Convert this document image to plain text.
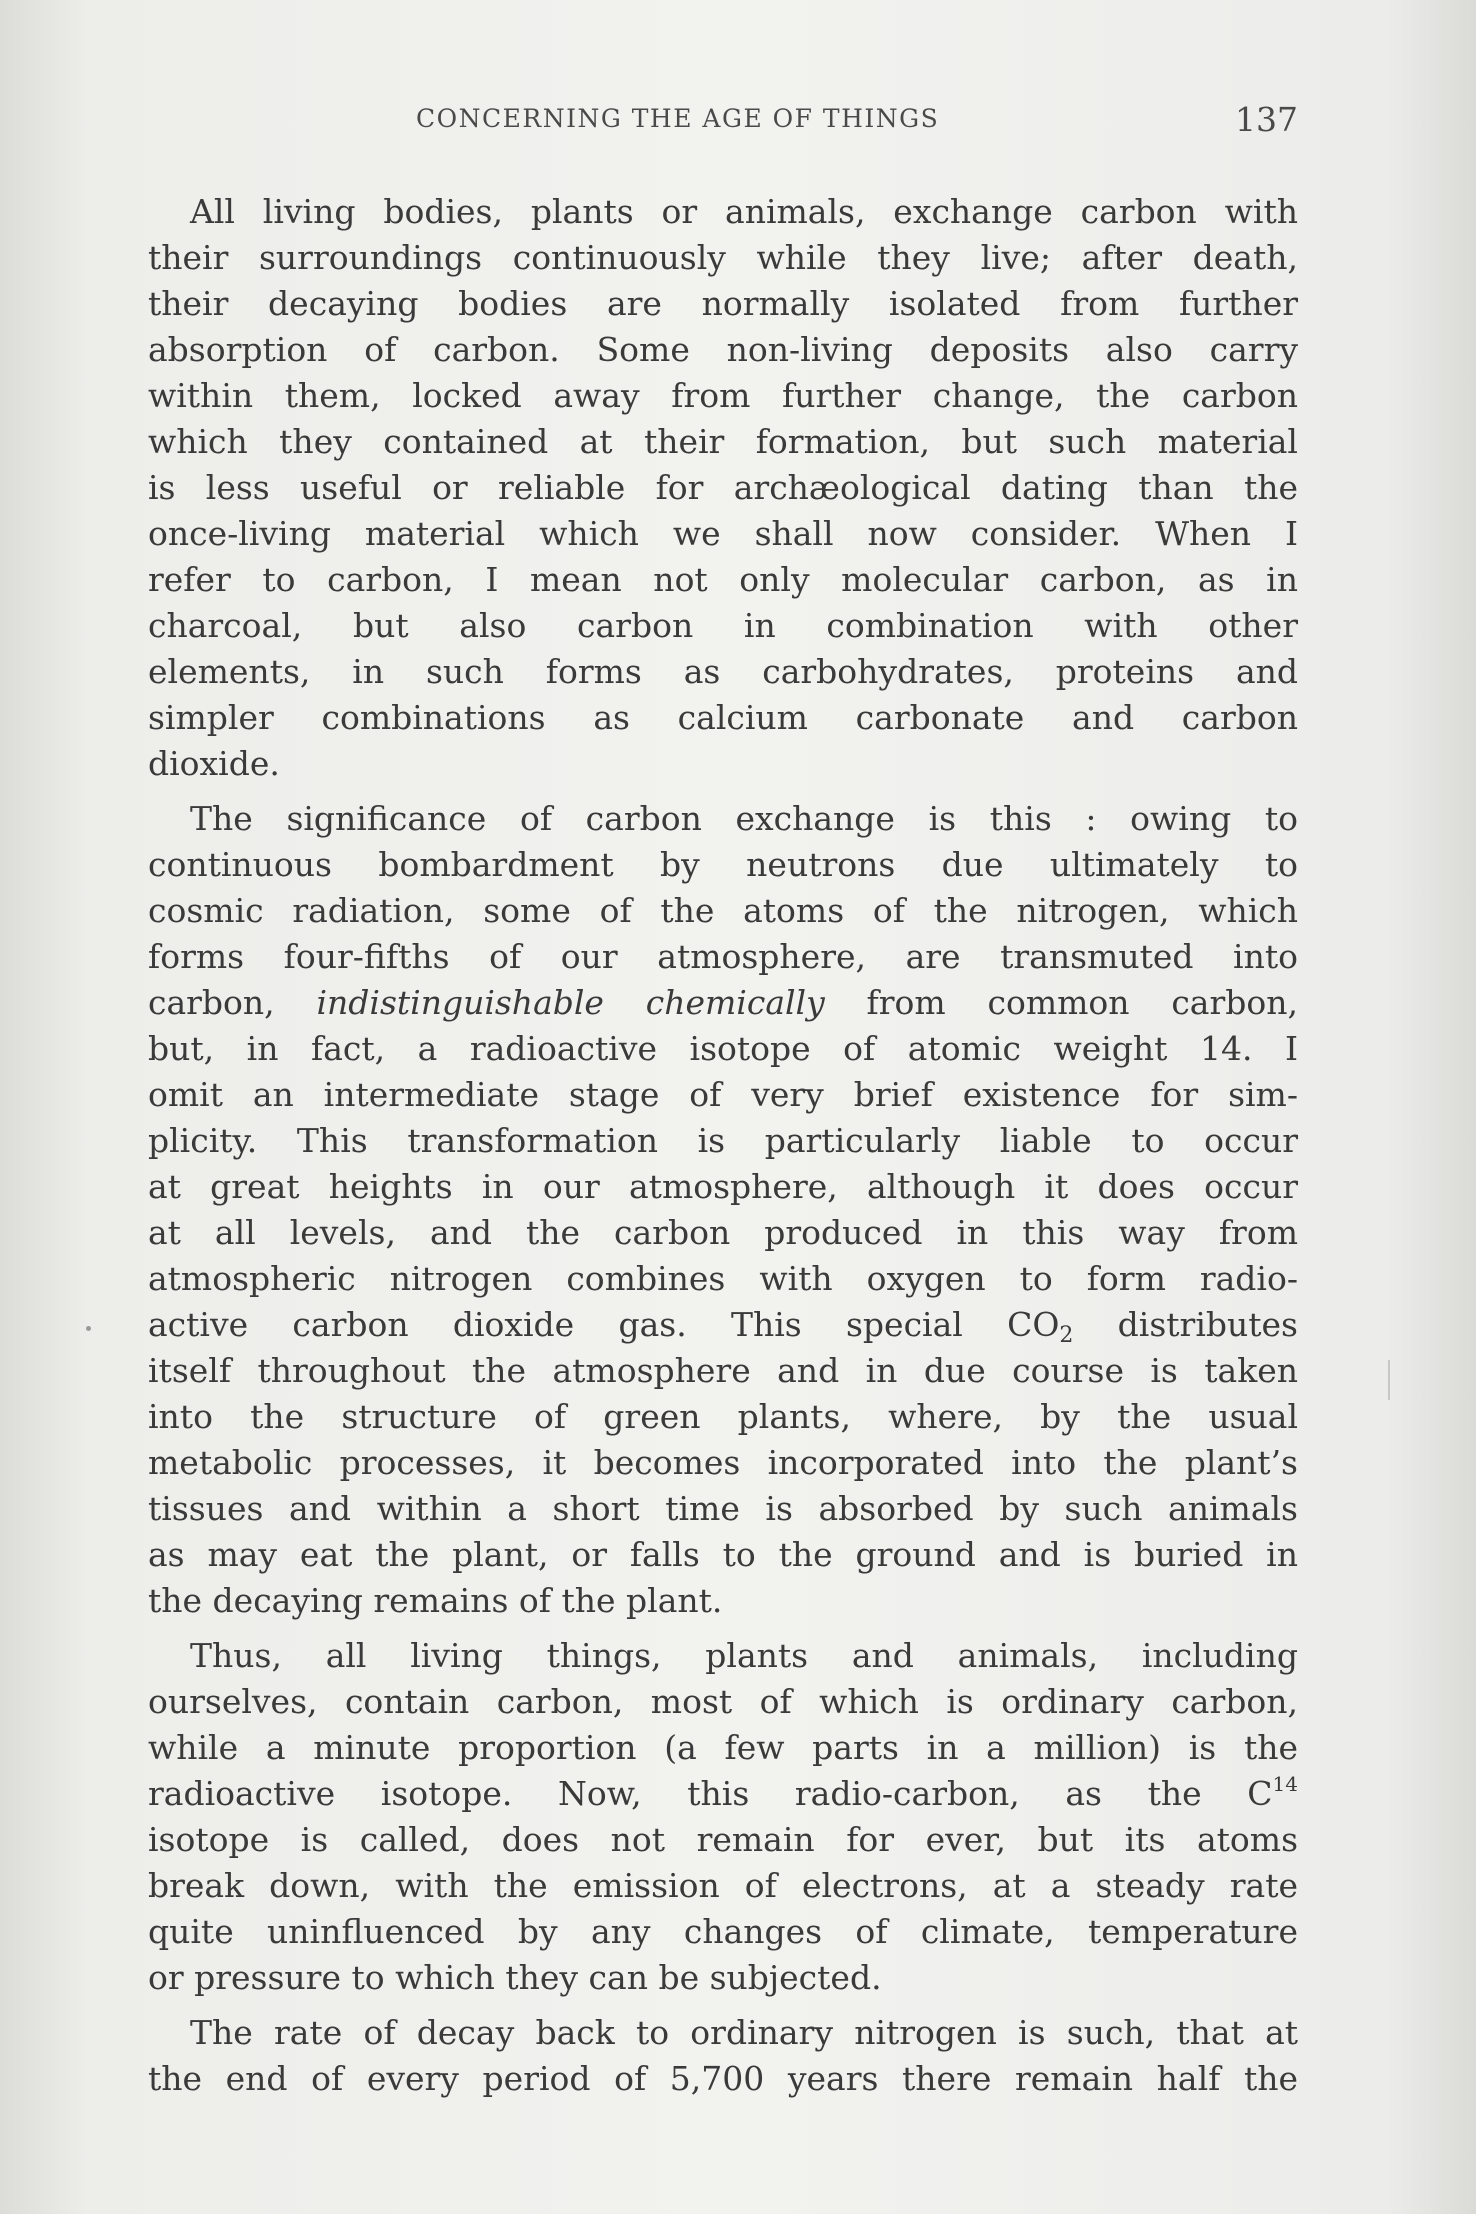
CONCERNING THE AGE OF THINGS	137

All living bodies, plants or animals, exchange carbon with
their surroundings continuously while they live; after death,
their decaying bodies are normally isolated from further
absorption of carbon. Some non-living deposits also carry
within them, locked away from further change, the carbon
which they contained at their formation, but such material
is less useful or reliable for archæological dating than the
once-living material which we shall now consider. When I
refer to carbon, I mean not only molecular carbon, as in
charcoal, but also carbon in combination with other
elements, in such forms as carbohydrates, proteins and
simpler combinations as calcium carbonate and carbon
dioxide.

The significance of carbon exchange is this : owing to
continuous bombardment by neutrons due ultimately to
cosmic radiation, some of the atoms of the nitrogen, which
forms four-fifths of our atmosphere, are transmuted into
carbon, indistinguishable chemically from common carbon,
but, in fact, a radioactive isotope of atomic weight 14. I
omit an intermediate stage of very brief existence for sim-
plicity. This transformation is particularly liable to occur
at great heights in our atmosphere, although it does occur
at all levels, and the carbon produced in this way from
atmospheric nitrogen combines with oxygen to form radio-
active carbon dioxide gas. This special $CO_2$ distributes
itself throughout the atmosphere and in due course is taken
into the structure of green plants, where, by the usual
metabolic processes, it becomes incorporated into the plant’s
tissues and within a short time is absorbed by such animals
as may eat the plant, or falls to the ground and is buried in
the decaying remains of the plant.

Thus, all living things, plants and animals, including
ourselves, contain carbon, most of which is ordinary carbon,
while a minute proportion (a few parts in a million) is the
radioactive isotope. Now, this radio-carbon, as the $C^{14}$
isotope is called, does not remain for ever, but its atoms
break down, with the emission of electrons, at a steady rate
quite uninfluenced by any changes of climate, temperature
or pressure to which they can be subjected.

The rate of decay back to ordinary nitrogen is such, that at
the end of every period of 5,700 years there remain half the
